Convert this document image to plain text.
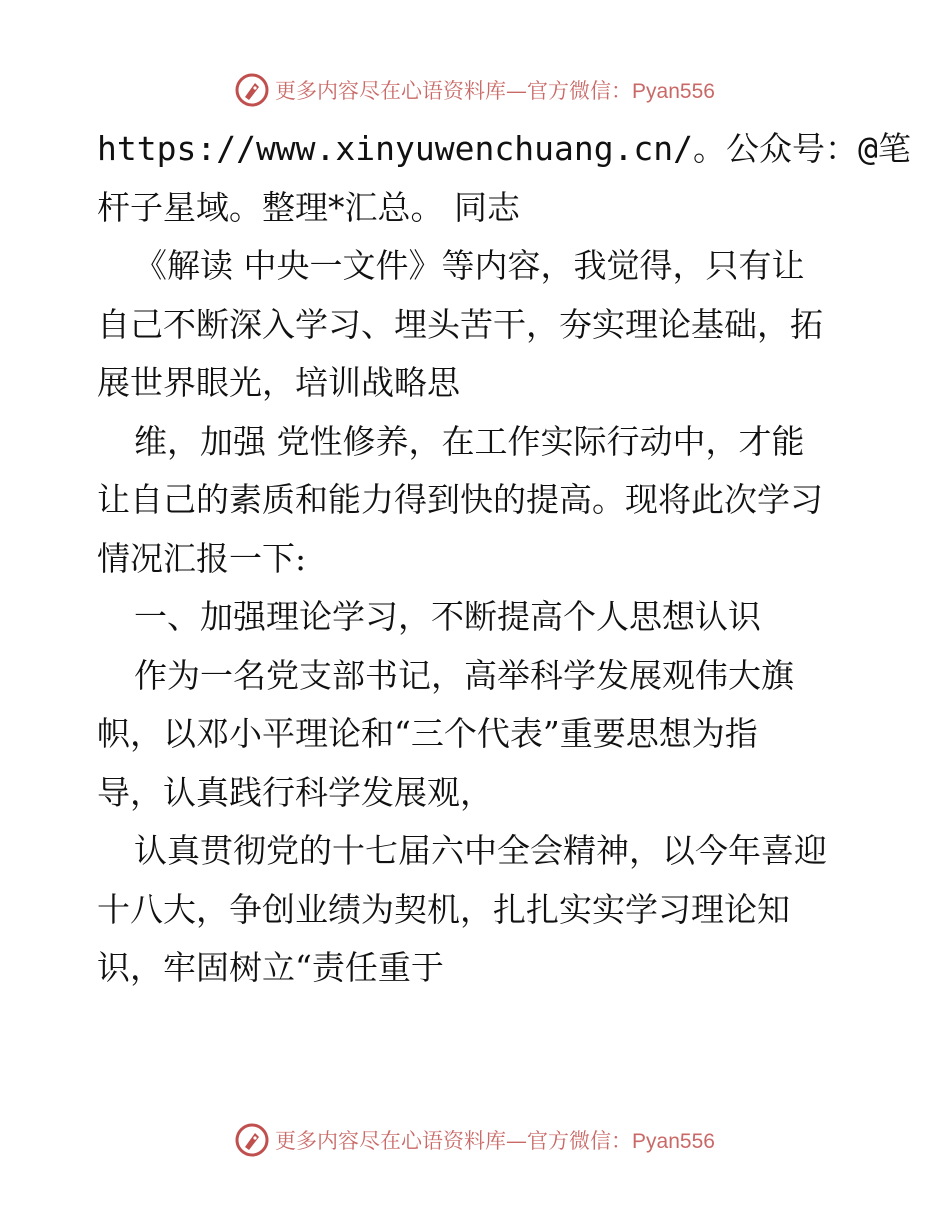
更多内容尽在心语资料库—官方微信：Pyan556

https://www.xinyuwenchuang.cn/。公众号：@笔

杆子星域。整理*汇总。 同志

《解读 中央一文件》等内容，我觉得，只有让

自己不断深入学习、埋头苦干，夯实理论基础，拓

展世界眼光，培训战略思

维，加强 党性修养，在工作实际行动中，才能

让自己的素质和能力得到快的提高。现将此次学习

情况汇报一下:

一、加强理论学习，不断提高个人思想认识

作为一名党支部书记，高举科学发展观伟大旗

帜，以邓小平理论和“三个代表”重要思想为指

导，认真践行科学发展观，

认真贯彻党的十七届六中全会精神，以今年喜迎

十八大，争创业绩为契机，扎扎实实学习理论知

识，牢固树立“责任重于

更多内容尽在心语资料库—官方微信：Pyan556
